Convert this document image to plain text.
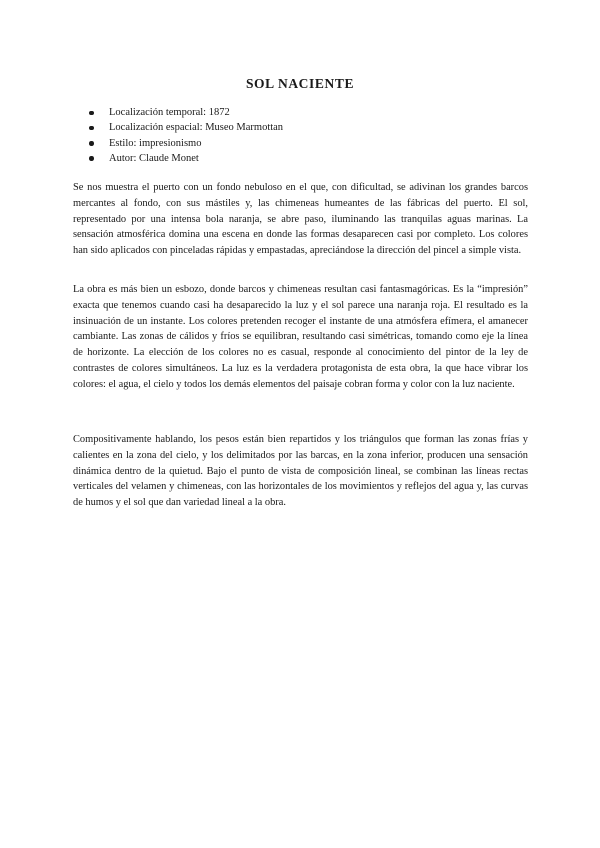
SOL NACIENTE
Localización temporal: 1872
Localización espacial: Museo Marmottan
Estilo: impresionismo
Autor: Claude Monet

Se nos muestra el puerto con un fondo nebuloso en el que, con dificultad, se adivinan los grandes barcos mercantes al fondo, con sus mástiles y, las chimeneas humeantes de las fábricas del puerto. El sol, representado por una intensa bola naranja, se abre paso, iluminando las tranquilas aguas marinas. La sensación atmosférica domina una escena en donde las formas desaparecen casi por completo. Los colores han sido aplicados con pinceladas rápidas y empastadas, apreciándose la dirección del pincel a simple vista.

La obra es más bien un esbozo, donde barcos y chimeneas resultan casi fantasmagóricas. Es la “impresión” exacta que tenemos cuando casi ha desaparecido la luz y el sol parece una naranja roja. El resultado es la insinuación de un instante. Los colores pretenden recoger el instante de una atmósfera efímera, el amanecer cambiante. Las zonas de cálidos y fríos se equilibran, resultando casi simétricas, tomando como eje la línea de horizonte. La elección de los colores no es casual, responde al conocimiento del pintor de la ley de contrastes de colores simultáneos. La luz es la verdadera protagonista de esta obra, la que hace vibrar los colores: el agua, el cielo y todos los demás elementos del paisaje cobran forma y color con la luz naciente.

Compositivamente hablando, los pesos están bien repartidos y los triángulos que forman las zonas frías y calientes en la zona del cielo, y los delimitados por las barcas, en la zona inferior, producen una sensación dinámica dentro de la quietud. Bajo el punto de vista de composición lineal, se combinan las líneas rectas verticales del velamen y chimeneas, con las horizontales de los movimientos y reflejos del agua y, las curvas de humos y el sol que dan variedad lineal a la obra.
